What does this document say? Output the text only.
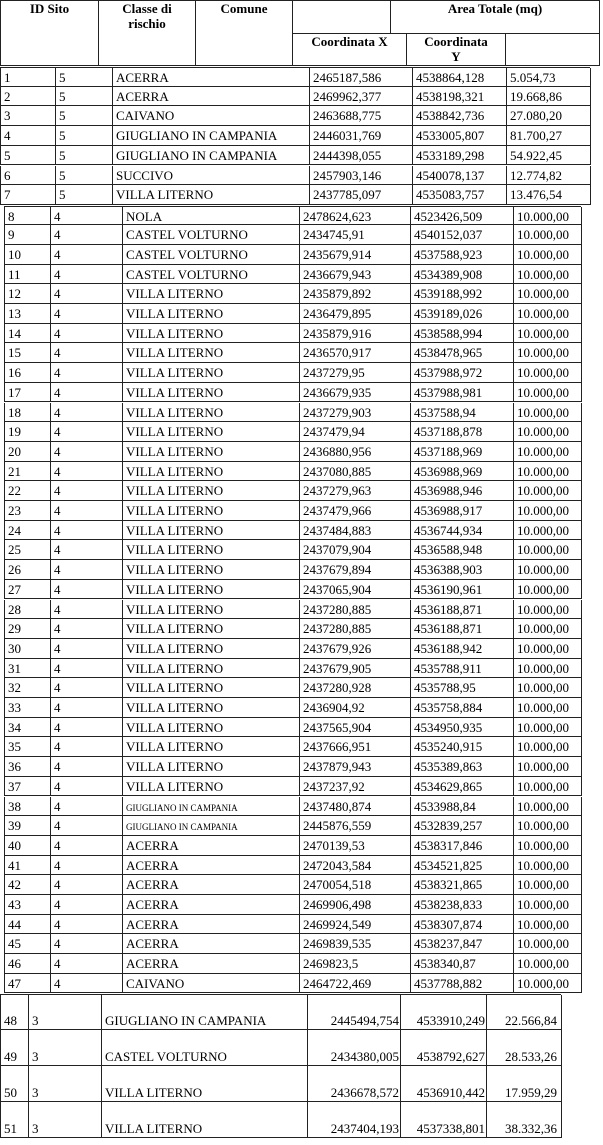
ID Sito	Classe di rischio
Comune	Area Totale (mq)
Coordinata X	Coordinata Y
1	5	ACERRA	2465187,586	4538864,128	5.054,73
2	5	ACERRA	2469962,377	4538198,321	19.668,86
3	5	CAIVANO	2463688,775	4538842,736	27.080,20
4	5	GIUGLIANO IN CAMPANIA	2446031,769	4533005,807	81.700,27
5	5	GIUGLIANO IN CAMPANIA	2444398,055	4533189,298	54.922,45
6	5	SUCCIVO	2457903,146	4540078,137	12.774,82
7	5	VILLA LITERNO	2437785,097	4535083,757	13.476,54
8	4	NOLA	2478624,623	4523426,509	10.000,00
9	4	CASTEL VOLTURNO	2434745,91	4540152,037	10.000,00
10	4	CASTEL VOLTURNO	2435679,914	4537588,923	10.000,00
11	4	CASTEL VOLTURNO	2436679,943	4534389,908	10.000,00
12	4	VILLA LITERNO	2435879,892	4539188,992	10.000,00
13	4	VILLA LITERNO	2436479,895	4539189,026	10.000,00
14	4	VILLA LITERNO	2435879,916	4538588,994	10.000,00
15	4	VILLA LITERNO	2436570,917	4538478,965	10.000,00
16	4	VILLA LITERNO	2437279,95	4537988,972	10.000,00
17	4	VILLA LITERNO	2436679,935	4537988,981	10.000,00
18	4	VILLA LITERNO	2437279,903	4537588,94	10.000,00
19	4	VILLA LITERNO	2437479,94	4537188,878	10.000,00
20	4	VILLA LITERNO	2436880,956	4537188,969	10.000,00
21	4	VILLA LITERNO	2437080,885	4536988,969	10.000,00
22	4	VILLA LITERNO	2437279,963	4536988,946	10.000,00
23	4	VILLA LITERNO	2437479,966	4536988,917	10.000,00
24	4	VILLA LITERNO	2437484,883	4536744,934	10.000,00
25	4	VILLA LITERNO	2437079,904	4536588,948	10.000,00
26	4	VILLA LITERNO	2437679,894	4536388,903	10.000,00
27	4	VILLA LITERNO	2437065,904	4536190,961	10.000,00
28	4	VILLA LITERNO	2437280,885	4536188,871	10.000,00
29	4	VILLA LITERNO	2437280,885	4536188,871	10.000,00
30	4	VILLA LITERNO	2437679,926	4536188,942	10.000,00
31	4	VILLA LITERNO	2437679,905	4535788,911	10.000,00
32	4	VILLA LITERNO	2437280,928	4535788,95	10.000,00
33	4	VILLA LITERNO	2436904,92	4535758,884	10.000,00
34	4	VILLA LITERNO	2437565,904	4534950,935	10.000,00
35	4	VILLA LITERNO	2437666,951	4535240,915	10.000,00
36	4	VILLA LITERNO	2437879,943	4535389,863	10.000,00
37	4	VILLA LITERNO	2437237,92	4534629,865	10.000,00
38	4	GIUGLIANO IN CAMPANIA	2437480,874	4533988,84	10.000,00
39	4	GIUGLIANO IN CAMPANIA	2445876,559	4532839,257	10.000,00
40	4	ACERRA	2470139,53	4538317,846	10.000,00
41	4	ACERRA	2472043,584	4534521,825	10.000,00
42	4	ACERRA	2470054,518	4538321,865	10.000,00
43	4	ACERRA	2469906,498	4538238,833	10.000,00
44	4	ACERRA	2469924,549	4538307,874	10.000,00
45	4	ACERRA	2469839,535	4538237,847	10.000,00
46	4	ACERRA	2469823,5	4538340,87	10.000,00
47	4	CAIVANO	2464722,469	4537788,882	10.000,00
48 3	GIUGLIANO IN CAMPANIA	2445494,754 4533910,249 22.566,84
49 3	CASTEL VOLTURNO	2434380,005 4538792,627 28.533,26
50 3	VILLA LITERNO	2436678,572 4536910,442 17.959,29
51 3	VILLA LITERNO	2437404,193 4537338,801 38.332,36
